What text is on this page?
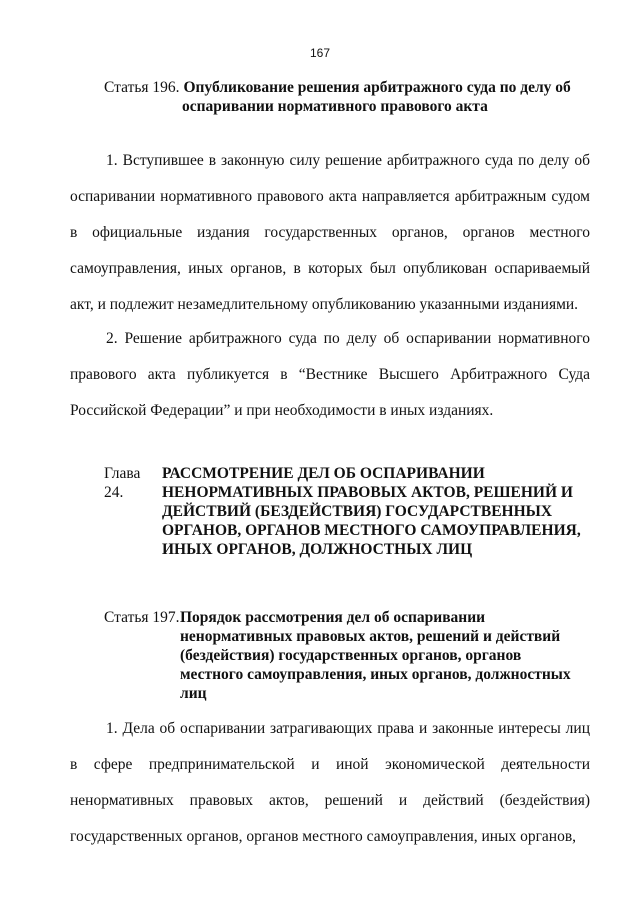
167
Статья 196. Опубликование решения арбитражного суда по делу об
оспаривании нормативного правового акта
1. Вступившее в законную силу решение арбитражного суда по делу об оспаривании нормативного правового акта направляется арбитражным судом в официальные издания государственных органов, органов местного самоуправления, иных органов, в которых был опубликован оспариваемый акт, и подлежит незамедлительному опубликованию указанными изданиями.
2. Решение арбитражного суда по делу об оспаривании нормативного правового акта публикуется в “Вестнике Высшего Арбитражного Суда Российской Федерации” и при необходимости в иных изданиях.
Глава 24.
РАССМОТРЕНИЕ ДЕЛ ОБ ОСПАРИВАНИИ НЕНОРМАТИВНЫХ ПРАВОВЫХ АКТОВ, РЕШЕНИЙ И ДЕЙСТВИЙ (БЕЗДЕЙСТВИЯ) ГОСУДАРСТВЕННЫХ ОРГАНОВ, ОРГАНОВ МЕСТНОГО САМОУПРАВЛЕНИЯ, ИНЫХ ОРГАНОВ, ДОЛЖНОСТНЫХ ЛИЦ
Статья 197. Порядок рассмотрения дел об оспаривании ненормативных правовых актов, решений и действий (бездействия) государственных органов, органов местного самоуправления, иных органов, должностных лиц
1. Дела об оспаривании затрагивающих права и законные интересы лиц в сфере предпринимательской и иной экономической деятельности ненормативных правовых актов, решений и действий (бездействия) государственных органов, органов местного самоуправления, иных органов,
